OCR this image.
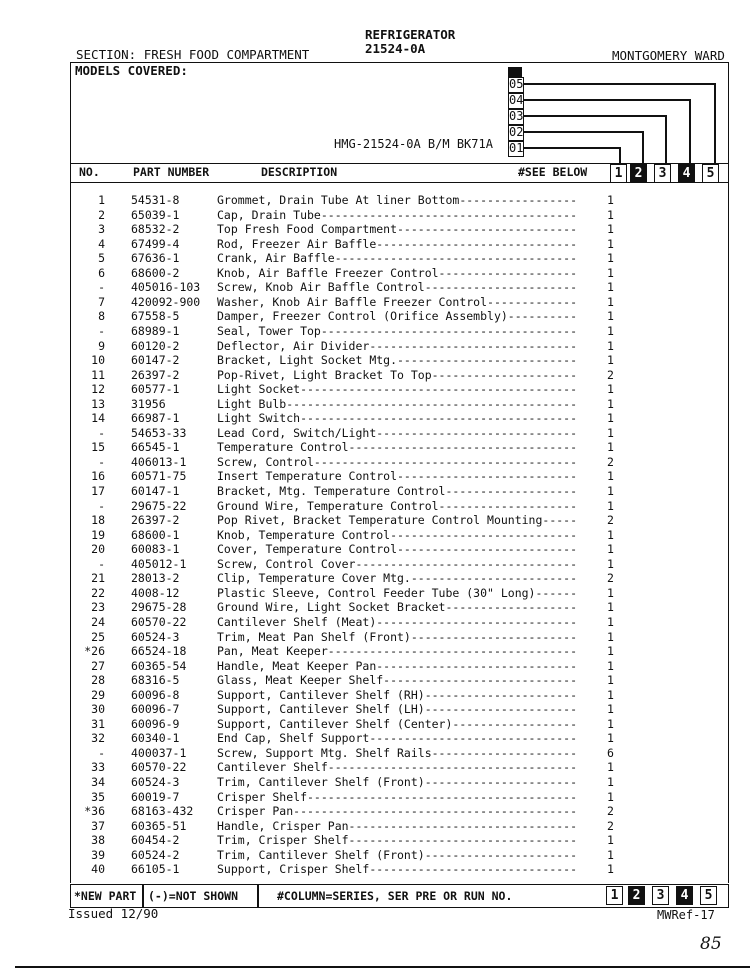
REFRIGERATOR
21524-0A
SECTION: FRESH FOOD COMPARTMENT	MONTGOMERY WARD
MODELS COVERED:
HMG-21524-0A B/M BK71A
05
04
03
02
01
NO.	PART NUMBER	DESCRIPTION	#SEE BELOW	1 2	3	4	5
1 54531-8	Grommet, Drain Tube At liner Bottom-----------------	1
2 65039-1	Cap, Drain Tube-------------------------------------	1
3 68532-2	Top Fresh Food Compartment--------------------------	1
4 67499-4	Rod, Freezer Air Baffle-----------------------------	1
5 67636-1	Crank, Air Baffle-----------------------------------	1
6 68600-2	Knob, Air Baffle Freezer Control--------------------	1
- 405016-103 Screw, Knob Air Baffle Control----------------------	1
7 420092-900 Washer, Knob Air Baffle Freezer Control-------------	1
8 67558-5	Damper, Freezer Control (Orifice Assembly)----------	1
- 68989-1	Seal, Tower Top-------------------------------------	1
9 60120-2	Deflector, Air Divider------------------------------	1
10 60147-2	Bracket, Light Socket Mtg.--------------------------	1
11 26397-2	Pop-Rivet, Light Bracket To Top---------------------	2
12 60577-1	Light Socket----------------------------------------	1
13 31956	Light Bulb------------------------------------------	1
14 66987-1	Light Switch----------------------------------------	1
- 54653-33	Lead Cord, Switch/Light-----------------------------	1
15 66545-1	Temperature Control---------------------------------	1
- 406013-1	Screw, Control--------------------------------------	2
16 60571-75	Insert Temperature Control--------------------------	1
17 60147-1	Bracket, Mtg. Temperature Control-------------------	1
- 29675-22	Ground Wire, Temperature Control--------------------	1
18 26397-2	Pop Rivet, Bracket Temperature Control Mounting-----	2
19 68600-1	Knob, Temperature Control---------------------------	1
20 60083-1	Cover, Temperature Control--------------------------	1
- 405012-1	Screw, Control Cover--------------------------------	1
21 28013-2	Clip, Temperature Cover Mtg.------------------------	2
22 4008-12	Plastic Sleeve, Control Feeder Tube (30" Long)------	1
23 29675-28	Ground Wire, Light Socket Bracket-------------------	1
24 60570-22	Cantilever Shelf (Meat)-----------------------------	1
25 60524-3	Trim, Meat Pan Shelf (Front)------------------------	1
*26 66524-18	Pan, Meat Keeper------------------------------------	1
27 60365-54	Handle, Meat Keeper Pan-----------------------------	1
28 68316-5	Glass, Meat Keeper Shelf----------------------------	1
29 60096-8	Support, Cantilever Shelf (RH)----------------------	1
30 60096-7	Support, Cantilever Shelf (LH)----------------------	1
31 60096-9	Support, Cantilever Shelf (Center)------------------	1
32 60340-1	End Cap, Shelf Support------------------------------	1
- 400037-1	Screw, Support Mtg. Shelf Rails---------------------	6
33 60570-22	Cantilever Shelf------------------------------------	1
34 60524-3	Trim, Cantilever Shelf (Front)----------------------	1
35 60019-7	Crisper Shelf---------------------------------------	1
*36 68163-432 Crisper Pan-----------------------------------------	2
37 60365-51	Handle, Crisper Pan---------------------------------	2
38 60454-2	Trim, Crisper Shelf---------------------------------	1
39 60524-2	Trim, Cantilever Shelf (Front)----------------------	1
40 66105-1	Support, Crisper Shelf------------------------------	1
*NEW PART (-)=NOT SHOWN	#COLUMN=SERIES, SER PRE OR RUN NO.	1	2	3	4	5
Issued 12/90	MWRef-17
85
